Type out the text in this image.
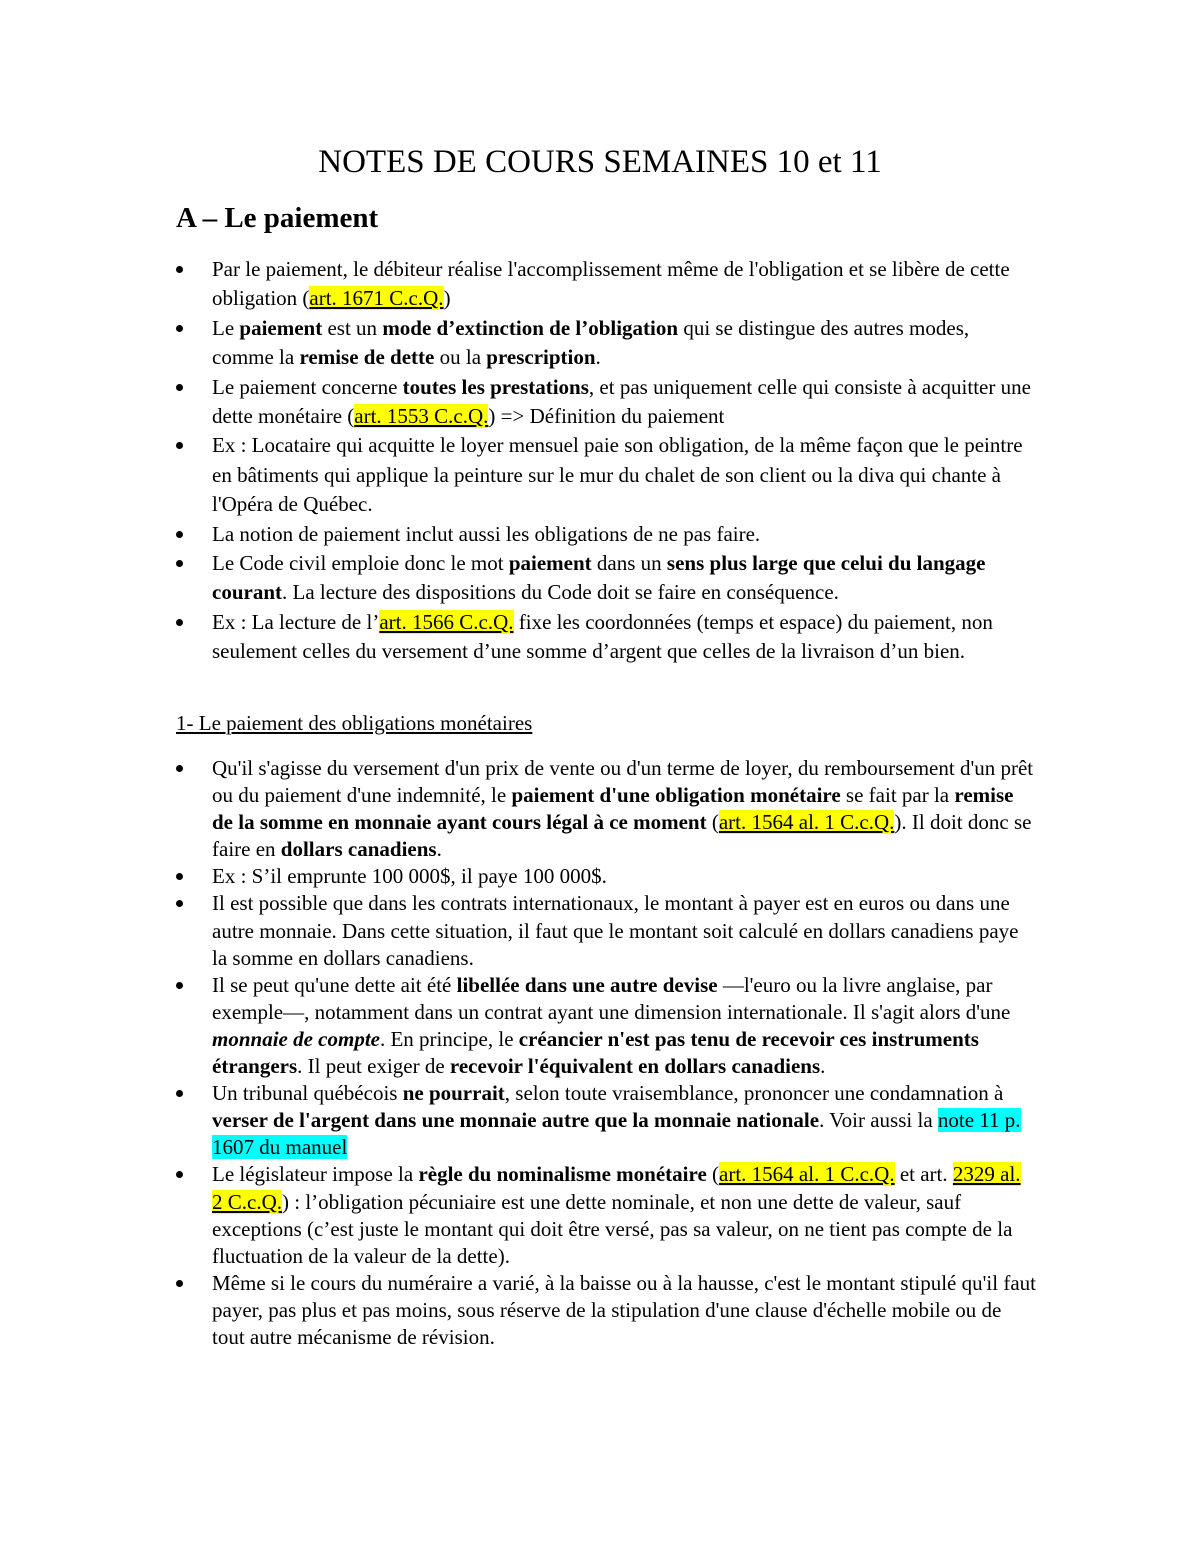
NOTES DE COURS SEMAINES 10 et 11
A – Le paiement
Par le paiement, le débiteur réalise l'accomplissement même de l'obligation et se libère de cette obligation (art. 1671 C.c.Q.)
Le paiement est un mode d’extinction de l’obligation qui se distingue des autres modes, comme la remise de dette ou la prescription.
Le paiement concerne toutes les prestations, et pas uniquement celle qui consiste à acquitter une dette monétaire (art. 1553 C.c.Q.) => Définition du paiement
Ex : Locataire qui acquitte le loyer mensuel paie son obligation, de la même façon que le peintre en bâtiments qui applique la peinture sur le mur du chalet de son client ou la diva qui chante à l'Opéra de Québec.
La notion de paiement inclut aussi les obligations de ne pas faire.
Le Code civil emploie donc le mot paiement dans un sens plus large que celui du langage courant. La lecture des dispositions du Code doit se faire en conséquence.
Ex : La lecture de l’art. 1566 C.c.Q. fixe les coordonnées (temps et espace) du paiement, non seulement celles du versement d’une somme d’argent que celles de la livraison d’un bien.

1- Le paiement des obligations monétaires

Qu'il s'agisse du versement d'un prix de vente ou d'un terme de loyer, du remboursement d'un prêt ou du paiement d'une indemnité, le paiement d'une obligation monétaire se fait par la remise de la somme en monnaie ayant cours légal à ce moment (art. 1564 al. 1 C.c.Q.). Il doit donc se faire en dollars canadiens.
Ex : S’il emprunte 100 000$, il paye 100 000$.
Il est possible que dans les contrats internationaux, le montant à payer est en euros ou dans une autre monnaie. Dans cette situation, il faut que le montant soit calculé en dollars canadiens paye la somme en dollars canadiens.
Il se peut qu'une dette ait été libellée dans une autre devise —l'euro ou la livre anglaise, par exemple—, notamment dans un contrat ayant une dimension internationale. Il s'agit alors d'une monnaie de compte. En principe, le créancier n'est pas tenu de recevoir ces instruments étrangers. Il peut exiger de recevoir l'équivalent en dollars canadiens.
Un tribunal québécois ne pourrait, selon toute vraisemblance, prononcer une condamnation à verser de l'argent dans une monnaie autre que la monnaie nationale. Voir aussi la note 11 p. 1607 du manuel
Le législateur impose la règle du nominalisme monétaire (art. 1564 al. 1 C.c.Q. et art. 2329 al. 2 C.c.Q.) : l’obligation pécuniaire est une dette nominale, et non une dette de valeur, sauf exceptions (c’est juste le montant qui doit être versé, pas sa valeur, on ne tient pas compte de la fluctuation de la valeur de la dette).
Même si le cours du numéraire a varié, à la baisse ou à la hausse, c'est le montant stipulé qu'il faut payer, pas plus et pas moins, sous réserve de la stipulation d'une clause d'échelle mobile ou de tout autre mécanisme de révision.
